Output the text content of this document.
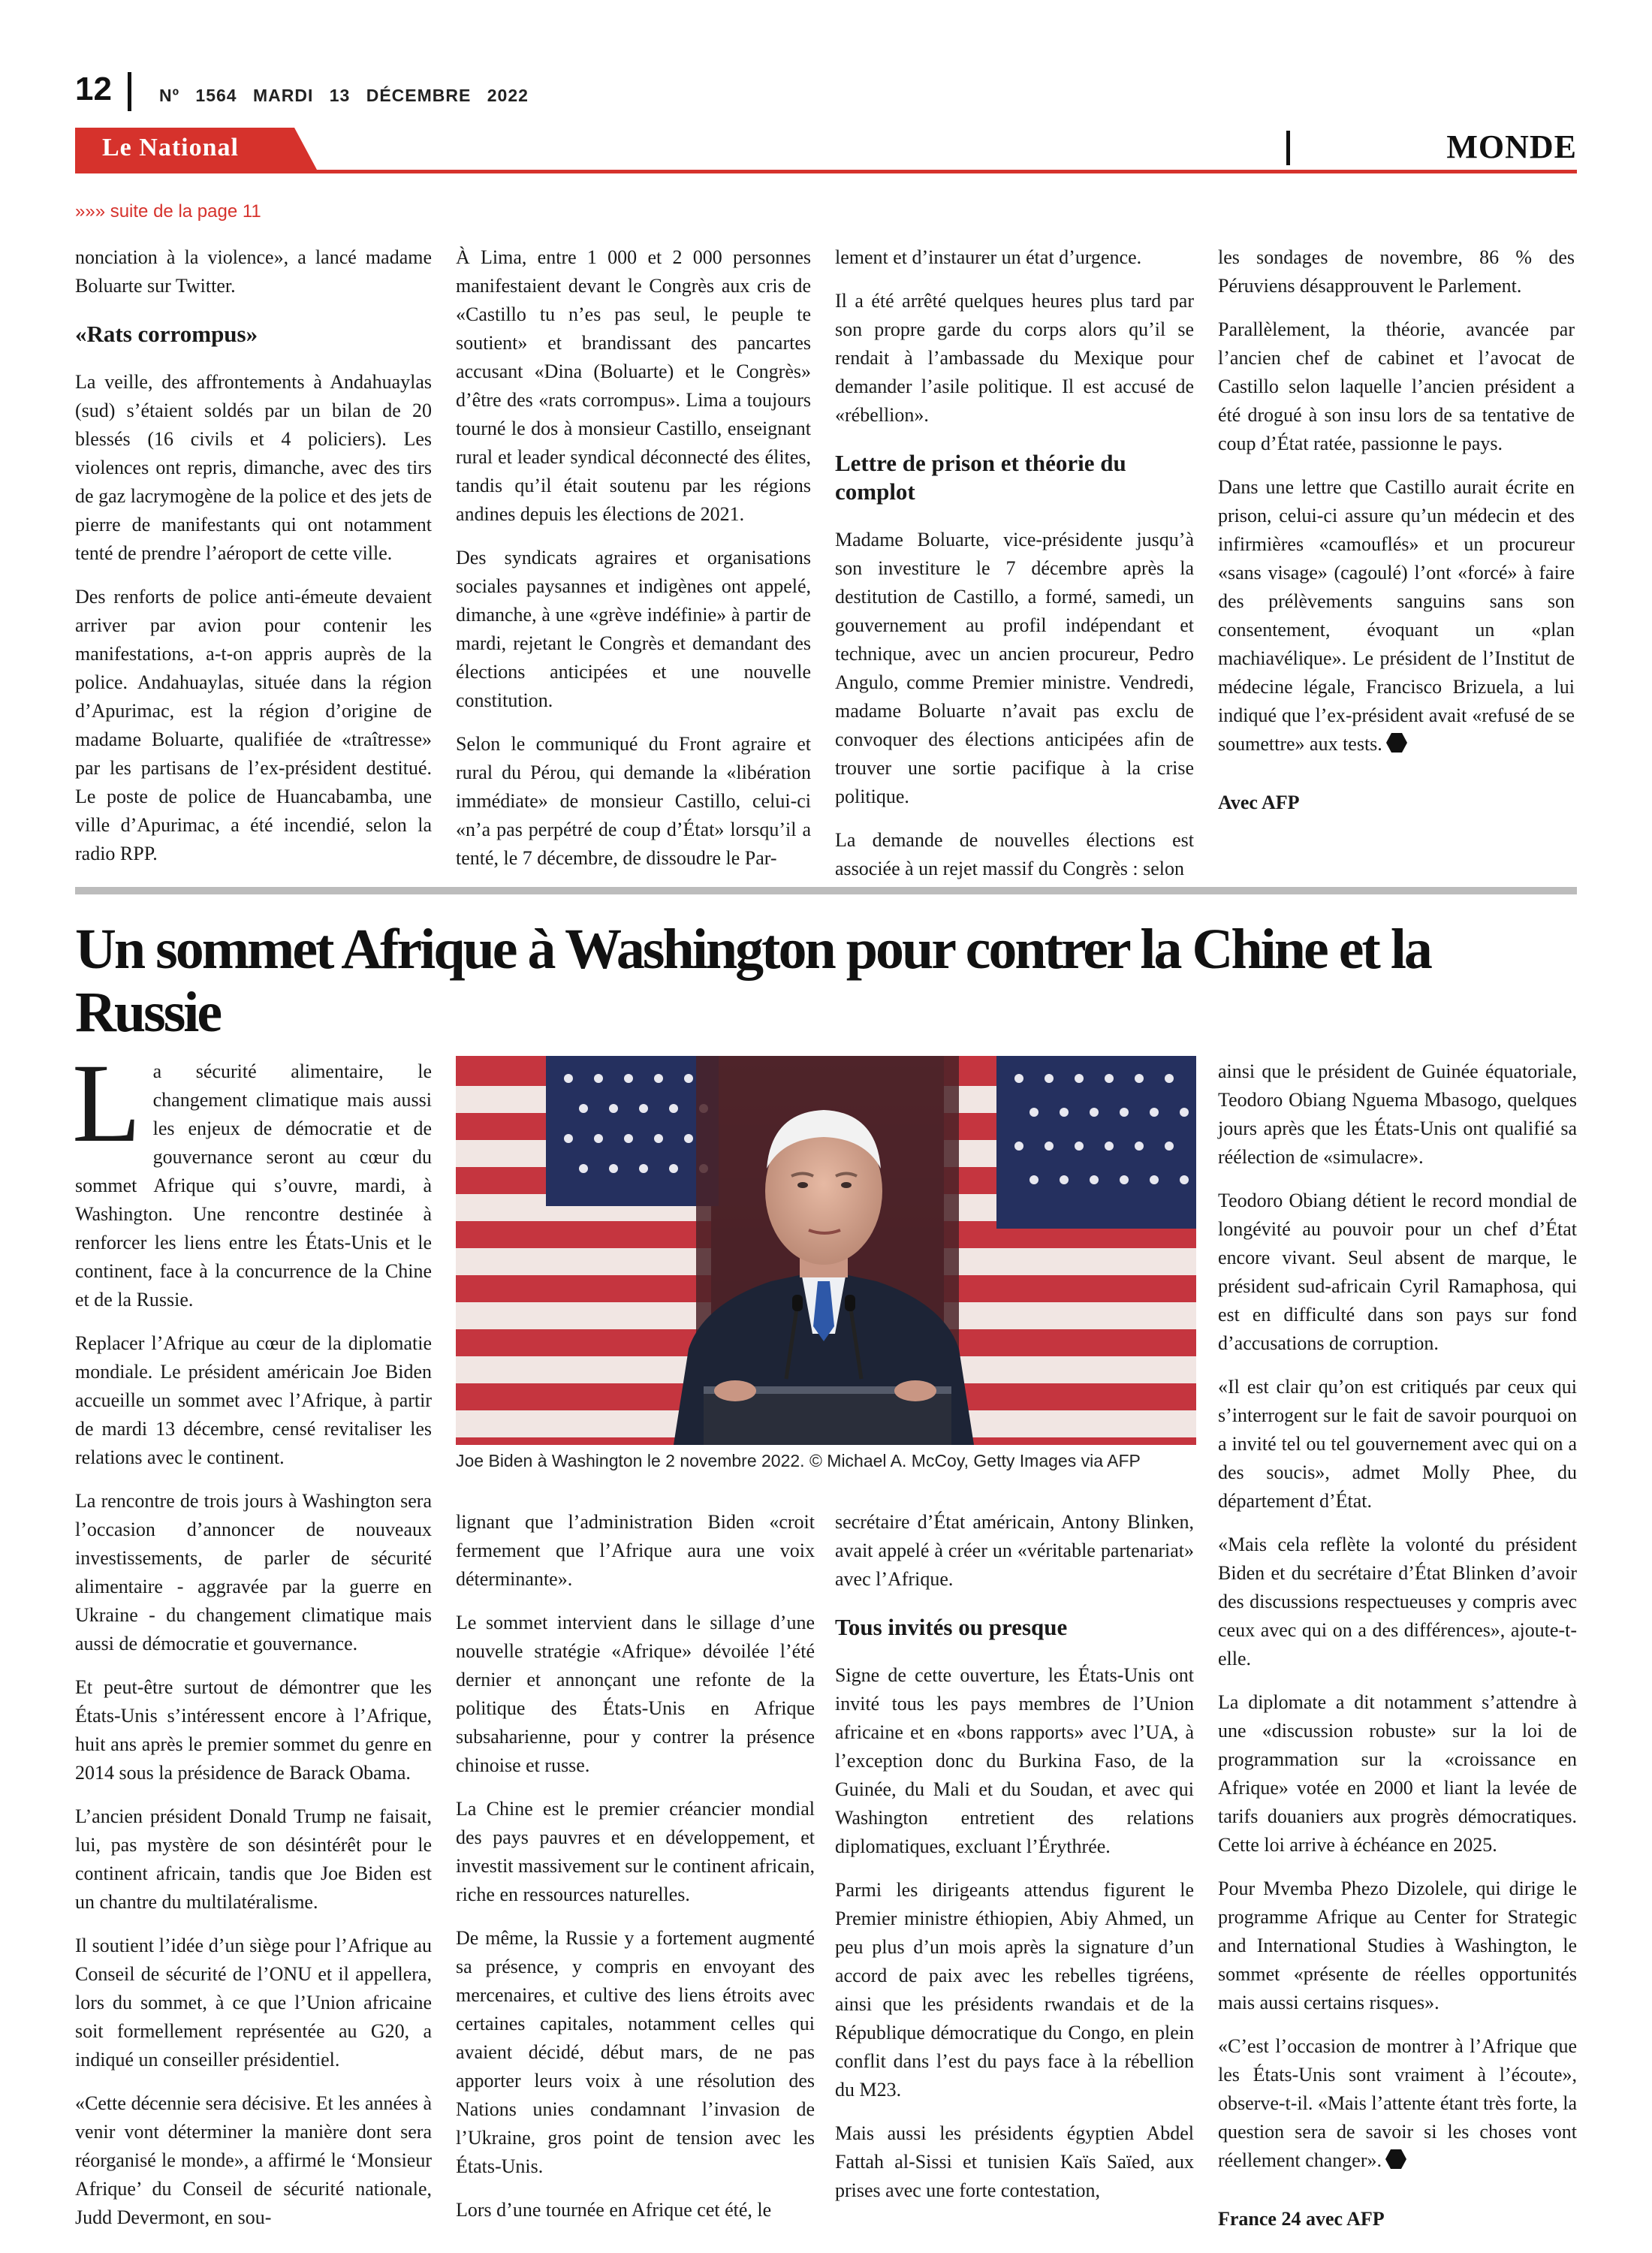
12	Nº 1564 MARDI 13 DÉCEMBRE 2022
Le National	MONDE
»»» suite de la page 11

nonciation à la violence», a lancé madame Boluarte sur Twitter.

«Rats corrompus»

La veille, des affrontements à Andahuaylas (sud) s’étaient soldés par un bilan de 20 blessés (16 civils et 4 policiers). Les violences ont repris, dimanche, avec des tirs de gaz lacrymogène de la police et des jets de pierre de manifestants qui ont notamment tenté de prendre l’aéroport de cette ville.

Des renforts de police anti-émeute devaient arriver par avion pour contenir les manifestations, a-t-on appris auprès de la police. Andahuaylas, située dans la région d’Apurimac, est la région d’origine de madame Boluarte, qualifiée de «traîtresse» par les partisans de l’ex-président destitué. Le poste de police de Huancabamba, une ville d’Apurimac, a été incendié, selon la radio RPP.

À Lima, entre 1 000 et 2 000 personnes manifestaient devant le Congrès aux cris de «Castillo tu n’es pas seul, le peuple te soutient» et brandissant des pancartes accusant «Dina (Boluarte) et le Congrès» d’être des «rats corrompus». Lima a toujours tourné le dos à monsieur Castillo, enseignant rural et leader syndical déconnecté des élites, tandis qu’il était soutenu par les régions andines depuis les élections de 2021.

Des syndicats agraires et organisations sociales paysannes et indigènes ont appelé, dimanche, à une «grève indéfinie» à partir de mardi, rejetant le Congrès et demandant des élections anticipées et une nouvelle constitution.

Selon le communiqué du Front agraire et rural du Pérou, qui demande la «libération immédiate» de monsieur Castillo, celui-ci «n’a pas perpétré de coup d’État» lorsqu’il a tenté, le 7 décembre, de dissoudre le Par-

lement et d’instaurer un état d’urgence.

Il a été arrêté quelques heures plus tard par son propre garde du corps alors qu’il se rendait à l’ambassade du Mexique pour demander l’asile politique. Il est accusé de «rébellion».

Lettre de prison et théorie du complot

Madame Boluarte, vice-présidente jusqu’à son investiture le 7 décembre après la destitution de Castillo, a formé, samedi, un gouvernement au profil indépendant et technique, avec un ancien procureur, Pedro Angulo, comme Premier ministre. Vendredi, madame Boluarte n’avait pas exclu de convoquer des élections anticipées afin de trouver une sortie pacifique à la crise politique.

La demande de nouvelles élections est associée à un rejet massif du Congrès : selon

les sondages de novembre, 86 % des Péruviens désapprouvent le Parlement.

Parallèlement, la théorie, avancée par l’ancien chef de cabinet et l’avocat de Castillo selon laquelle l’ancien président a été drogué à son insu lors de sa tentative de coup d’État ratée, passionne le pays.

Dans une lettre que Castillo aurait écrite en prison, celui-ci assure qu’un médecin et des infirmières «camouflés» et un procureur «sans visage» (cagoulé) l’ont «forcé» à faire des prélèvements sanguins sans son consentement, évoquant un «plan machiavélique». Le président de l’Institut de médecine légale, Francisco Brizuela, a lui indiqué que l’ex-président avait «refusé de se soumettre» aux tests.

Avec AFP
Un sommet Afrique à Washington pour contrer la Chine et la Russie

La sécurité alimentaire, le changement climatique mais aussi les enjeux de démocratie et de gouvernance seront au cœur du sommet Afrique qui s’ouvre, mardi, à Washington. Une rencontre destinée à renforcer les liens entre les États-Unis et le continent, face à la concurrence de la Chine et de la Russie.

Replacer l’Afrique au cœur de la diplomatie mondiale. Le président américain Joe Biden accueille un sommet avec l’Afrique, à partir de mardi 13 décembre, censé revitaliser les relations avec le continent.

La rencontre de trois jours à Washington sera l’occasion d’annoncer de nouveaux investissements, de parler de sécurité alimentaire - aggravée par la guerre en Ukraine - du changement climatique mais aussi de démocratie et gouvernance.

Et peut-être surtout de démontrer que les États-Unis s’intéressent encore à l’Afrique, huit ans après le premier sommet du genre en 2014 sous la présidence de Barack Obama.

L’ancien président Donald Trump ne faisait, lui, pas mystère de son désintérêt pour le continent africain, tandis que Joe Biden est un chantre du multilatéralisme.

Il soutient l’idée d’un siège pour l’Afrique au Conseil de sécurité de l’ONU et il appellera, lors du sommet, à ce que l’Union africaine soit formellement représentée au G20, a indiqué un conseiller présidentiel.

«Cette décennie sera décisive. Et les années à venir vont déterminer la manière dont sera réorganisé le monde», a affirmé le ‘Monsieur Afrique’ du Conseil de sécurité nationale, Judd Devermont, en sou-

Joe Biden à Washington le 2 novembre 2022. © Michael A. McCoy, Getty Images via AFP

lignant que l’administration Biden «croit fermement que l’Afrique aura une voix déterminante».

Le sommet intervient dans le sillage d’une nouvelle stratégie «Afrique» dévoilée l’été dernier et annonçant une refonte de la politique des États-Unis en Afrique subsaharienne, pour y contrer la présence chinoise et russe.

La Chine est le premier créancier mondial des pays pauvres et en développement, et investit massivement sur le continent africain, riche en ressources naturelles.

De même, la Russie y a fortement augmenté sa présence, y compris en envoyant des mercenaires, et cultive des liens étroits avec certaines capitales, notamment celles qui avaient décidé, début mars, de ne pas apporter leurs voix à une résolution des Nations unies condamnant l’invasion de l’Ukraine, gros point de tension avec les États-Unis.

Lors d’une tournée en Afrique cet été, le

secrétaire d’État américain, Antony Blinken, avait appelé à créer un «véritable partenariat» avec l’Afrique.

Tous invités ou presque

Signe de cette ouverture, les États-Unis ont invité tous les pays membres de l’Union africaine et en «bons rapports» avec l’UA, à l’exception donc du Burkina Faso, de la Guinée, du Mali et du Soudan, et avec qui Washington entretient des relations diplomatiques, excluant l’Érythrée.

Parmi les dirigeants attendus figurent le Premier ministre éthiopien, Abiy Ahmed, un peu plus d’un mois après la signature d’un accord de paix avec les rebelles tigréens, ainsi que les présidents rwandais et de la République démocratique du Congo, en plein conflit dans l’est du pays face à la rébellion du M23.

Mais aussi les présidents égyptien Abdel Fattah al-Sissi et tunisien Kaïs Saïed, aux prises avec une forte contestation,

ainsi que le président de Guinée équatoriale, Teodoro Obiang Nguema Mbasogo, quelques jours après que les États-Unis ont qualifié sa réélection de «simulacre».

Teodoro Obiang détient le record mondial de longévité au pouvoir pour un chef d’État encore vivant. Seul absent de marque, le président sud-africain Cyril Ramaphosa, qui est en difficulté dans son pays sur fond d’accusations de corruption.

«Il est clair qu’on est critiqués par ceux qui s’interrogent sur le fait de savoir pourquoi on a invité tel ou tel gouvernement avec qui on a des soucis», admet Molly Phee, du département d’État.

«Mais cela reflète la volonté du président Biden et du secrétaire d’État Blinken d’avoir des discussions respectueuses y compris avec ceux avec qui on a des différences», ajoute-t-elle.

La diplomate a dit notamment s’attendre à une «discussion robuste» sur la loi de programmation sur la «croissance en Afrique» votée en 2000 et liant la levée de tarifs douaniers aux progrès démocratiques. Cette loi arrive à échéance en 2025.

Pour Mvemba Phezo Dizolele, qui dirige le programme Afrique au Center for Strategic and International Studies à Washington, le sommet «présente de réelles opportunités mais aussi certains risques».

«C’est l’occasion de montrer à l’Afrique que les États-Unis sont vraiment à l’écoute», observe-t-il. «Mais l’attente étant très forte, la question sera de savoir si les choses vont réellement changer».

France 24 avec AFP
